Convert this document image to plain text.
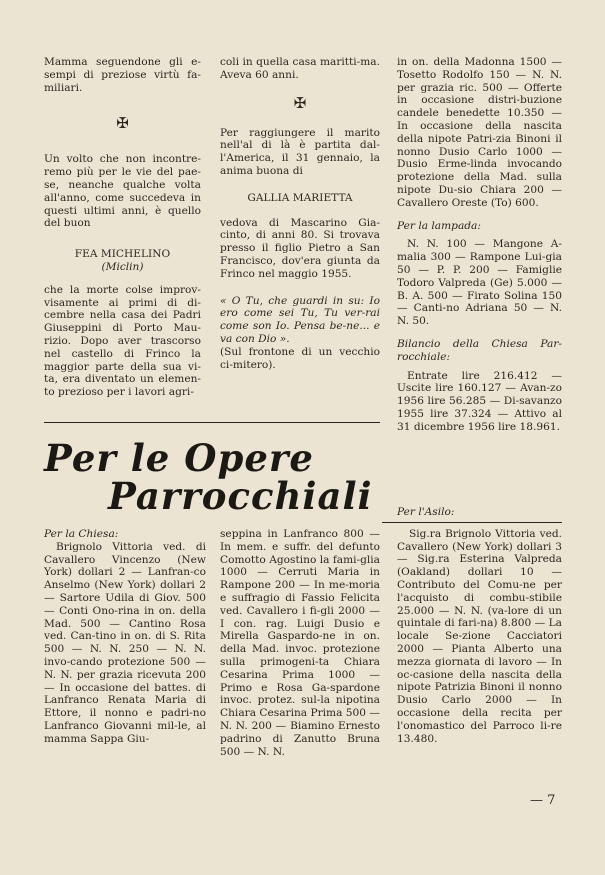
Mamma seguendone gli e-sempi di preziose virtù fa-miliari.

✠

Un volto che non incontre-remo più per le vie del pae-se, neanche qualche volta all'anno, come succedeva in questi ultimi anni, è quello del buon

FEA MICHELINO

(Miclin)

che la morte colse improv-visamente ai primi di di-cembre nella casa dei Padri Giuseppini di Porto Mau-rizio. Dopo aver trascorso nel castello di Frinco la maggior parte della sua vi-ta, era diventato un elemen-to prezioso per i lavori agri-

coli in quella casa maritti-ma. Aveva 60 anni.

✠

Per raggiungere il marito nell'al di là è partita dal-l'America, il 31 gennaio, la anima buona di

GALLIA MARIETTA

vedova di Mascarino Gia-cinto, di anni 80. Si trovava presso il figlio Pietro a San Francisco, dov'era giunta da Frinco nel maggio 1955.

« O Tu, che guardi in su: Io ero come sei Tu, Tu ver-rai come son Io. Pensa be-ne... e va con Dio ».

(Sul frontone di un vecchio ci-mitero).

in on. della Madonna 1500 — Tosetto Rodolfo 150 — N. N. per grazia ric. 500 — Offerte in occasione distri-buzione candele benedette 10.350 — In occasione della nascita della nipote Patri-zia Binoni il nonno Dusio Carlo 1000 — Dusio Erme-linda invocando protezione della Mad. sulla nipote Du-sio Chiara 200 — Cavallero Oreste (To) 600.

Per la lampada:

N. N. 100 — Mangone A-malia 300 — Rampone Lui-gia 50 — P. P. 200 — Famiglie Todoro Valpreda (Ge) 5.000 — B. A. 500 — Firato Solina 150 — Canti-no Adriana 50 — N. N. 50.

Bilancio della Chiesa Par-rocchiale:

Entrate lire 216.412 — Uscite lire 160.127 — Avan-zo 1956 lire 56.285 — Di-savanzo 1955 lire 37.324 — Attivo al 31 dicembre 1956 lire 18.961.

Per le Opere
Parrocchiali

Per la Chiesa:

Brignolo Vittoria ved. di Cavallero Vincenzo (New York) dollari 2 — Lanfran-co Anselmo (New York) dollari 2 — Sartore Udila di Giov. 500 — Conti Ono-rina in on. della Mad. 500 — Cantino Rosa ved. Can-tino in on. di S. Rita 500 — N. N. 250 — N. N. invo-cando protezione 500 — N. N. per grazia ricevuta 200 — In occasione del battes. di Lanfranco Renata Maria di Ettore, il nonno e padri-no Lanfranco Giovanni mil-le, al mamma Sappa Giu-

seppina in Lanfranco 800 — In mem. e suffr. del defunto Comotto Agostino la fami-glia 1000 — Cerruti Maria in Rampone 200 — In me-moria e suffragio di Fassio Felicita ved. Cavallero i fi-gli 2000 — I con. rag. Luigi Dusio e Mirella Gaspardo-ne in on. della Mad. invoc. protezione sulla primogeni-ta Chiara Cesarina Prima 1000 — Primo e Rosa Ga-spardone invoc. protez. sul-la nipotina Chiara Cesarina Prima 500 — N. N. 200 — Biamino Ernesto padrino di Zanutto Bruna 500 — N. N.

Per l'Asilo:

Sig.ra Brignolo Vittoria ved. Cavallero (New York) dollari 3 — Sig.ra Esterina Valpreda (Oakland) dollari 10 — Contributo del Comu-ne per l'acquisto di combu-stibile 25.000 — N. N. (va-lore di un quintale di fari-na) 8.800 — La locale Se-zione Cacciatori 2000 — Pianta Alberto una mezza giornata di lavoro — In oc-casione della nascita della nipote Patrizia Binoni il nonno Dusio Carlo 2000 — In occasione della recita per l'onomastico del Parroco li-re 13.480.

— 7
